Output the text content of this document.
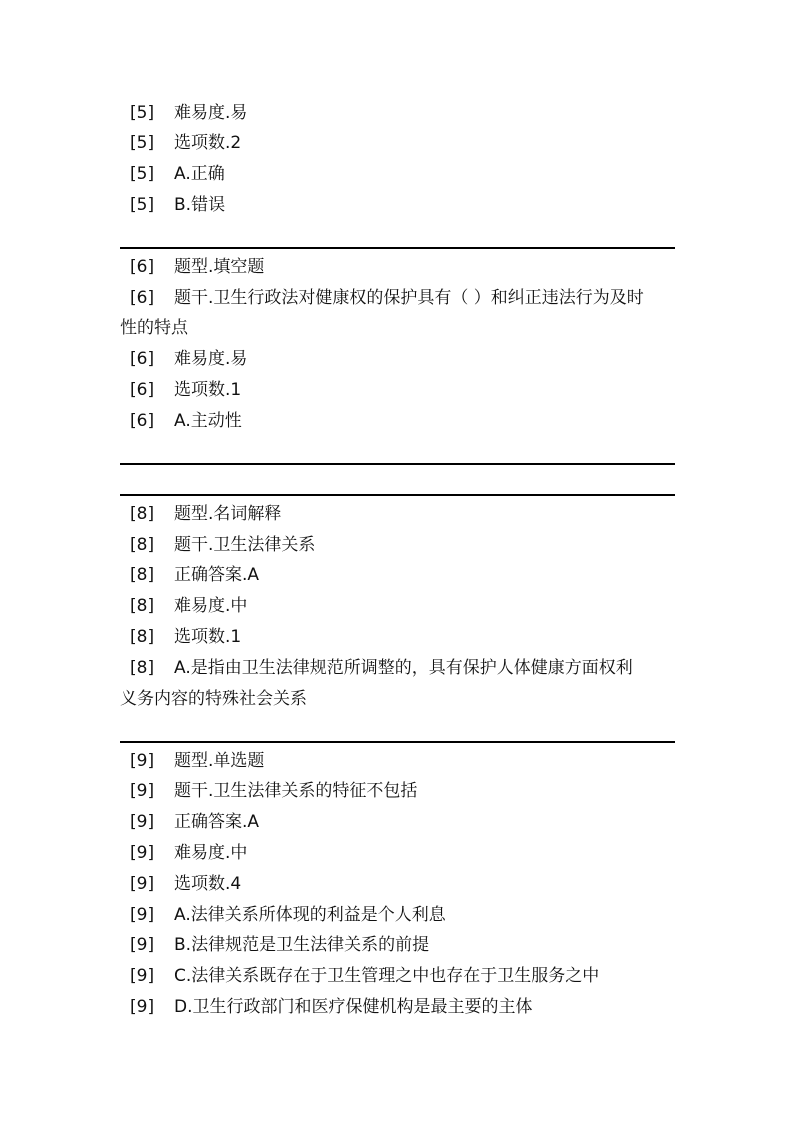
[5] 难易度.易
[5] 选项数.2
[5] A.正确
[5] B.错误
[6] 题型.填空题
[6] 题干.卫生行政法对健康权的保护具有（ ）和纠正违法行为及时
性的特点
[6] 难易度.易
[6] 选项数.1
[6] A.主动性
[8] 题型.名词解释
[8] 题干.卫生法律关系
[8] 正确答案.A
[8] 难易度.中
[8] 选项数.1
[8] A.是指由卫生法律规范所调整的，具有保护人体健康方面权利
义务内容的特殊社会关系
[9] 题型.单选题
[9] 题干.卫生法律关系的特征不包括
[9] 正确答案.A
[9] 难易度.中
[9] 选项数.4
[9] A.法律关系所体现的利益是个人利息
[9] B.法律规范是卫生法律关系的前提
[9] C.法律关系既存在于卫生管理之中也存在于卫生服务之中
[9] D.卫生行政部门和医疗保健机构是最主要的主体
